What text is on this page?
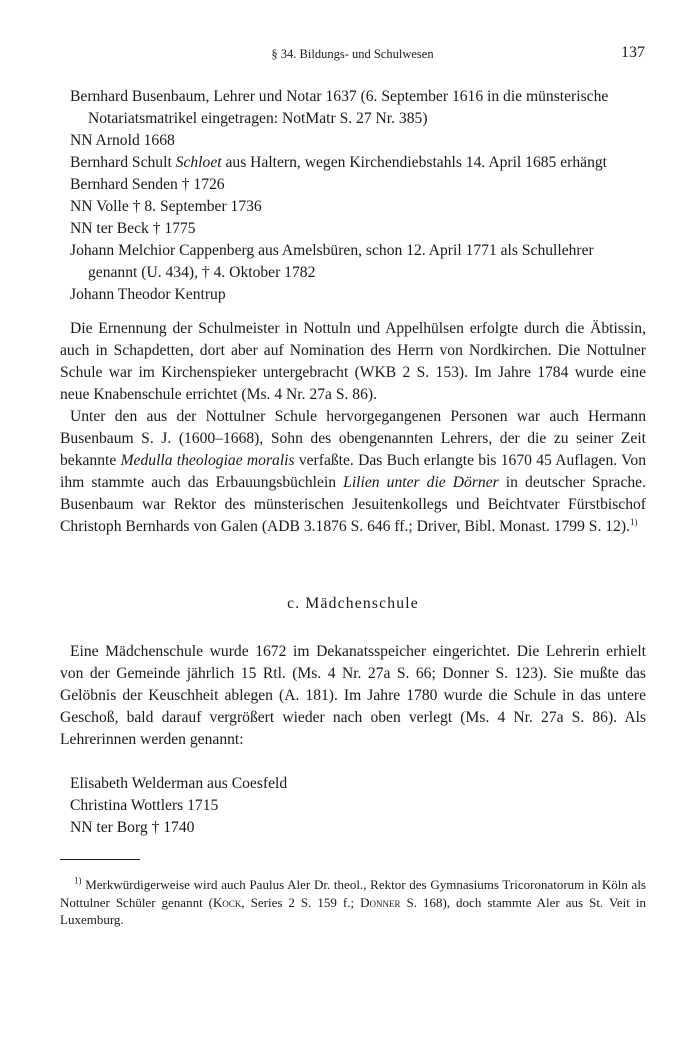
§ 34. Bildungs- und Schulwesen	137
Bernhard Busenbaum, Lehrer und Notar 1637 (6. September 1616 in die münsterische Notariatsmatrikel eingetragen: NotMatr S. 27 Nr. 385)
NN Arnold 1668
Bernhard Schult Schloet aus Haltern, wegen Kirchendiebstahls 14. April 1685 erhängt
Bernhard Senden † 1726
NN Volle † 8. September 1736
NN ter Beck † 1775
Johann Melchior Cappenberg aus Amelsbüren, schon 12. April 1771 als Schullehrer genannt (U. 434), † 4. Oktober 1782
Johann Theodor Kentrup

Die Ernennung der Schulmeister in Nottuln und Appelhülsen erfolgte durch die Äbtissin, auch in Schapdetten, dort aber auf Nomination des Herrn von Nordkirchen. Die Nottulner Schule war im Kirchenspieker untergebracht (WKB 2 S. 153). Im Jahre 1784 wurde eine neue Knabenschule errichtet (Ms. 4 Nr. 27a S. 86).

Unter den aus der Nottulner Schule hervorgegangenen Personen war auch Hermann Busenbaum S. J. (1600–1668), Sohn des obengenannten Lehrers, der die zu seiner Zeit bekannte Medulla theologiae moralis verfaßte. Das Buch erlangte bis 1670 45 Auflagen. Von ihm stammte auch das Erbauungsbüchlein Lilien unter die Dörner in deutscher Sprache. Busenbaum war Rektor des münsterischen Jesuitenkollegs und Beichtvater Fürstbischof Christoph Bernhards von Galen (ADB 3.1876 S. 646 ff.; Driver, Bibl. Monast. 1799 S. 12).$^{1)}$

c. Mädchenschule

Eine Mädchenschule wurde 1672 im Dekanatsspeicher eingerichtet. Die Lehrerin erhielt von der Gemeinde jährlich 15 Rtl. (Ms. 4 Nr. 27a S. 66; Donner S. 123). Sie mußte das Gelöbnis der Keuschheit ablegen (A. 181). Im Jahre 1780 wurde die Schule in das untere Geschoß, bald darauf vergrößert wieder nach oben verlegt (Ms. 4 Nr. 27a S. 86). Als Lehrerinnen werden genannt:

Elisabeth Welderman aus Coesfeld
Christina Wottlers 1715
NN ter Borg † 1740

$^{1)}$ Merkwürdigerweise wird auch Paulus Aler Dr. theol., Rektor des Gymnasiums Tricoronatorum in Köln als Nottulner Schüler genannt (Kock, Series 2 S. 159 f.; Donner S. 168), doch stammte Aler aus St. Veit in Luxemburg.
